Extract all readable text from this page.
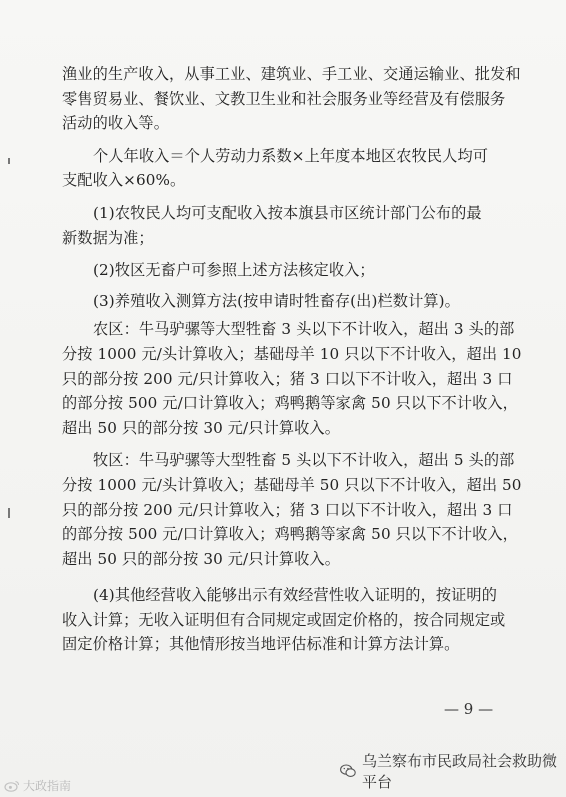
渔业的生产收入，从事工业、建筑业、手工业、交通运输业、批发和
零售贸易业、餐饮业、文教卫生业和社会服务业等经营及有偿服务
活动的收入等。
个人年收入＝个人劳动力系数×上年度本地区农牧民人均可
支配收入×60%。
(1)农牧民人均可支配收入按本旗县市区统计部门公布的最
新数据为准；
(2)牧区无畜户可参照上述方法核定收入；
(3)养殖收入测算方法(按申请时牲畜存(出)栏数计算)。
农区：牛马驴骡等大型牲畜 3 头以下不计收入，超出 3 头的部
分按 1000 元/头计算收入；基础母羊 10 只以下不计收入，超出 10
只的部分按 200 元/只计算收入；猪 3 口以下不计收入，超出 3 口
的部分按 500 元/口计算收入；鸡鸭鹅等家禽 50 只以下不计收入，
超出 50 只的部分按 30 元/只计算收入。
牧区：牛马驴骡等大型牲畜 5 头以下不计收入，超出 5 头的部
分按 1000 元/头计算收入；基础母羊 50 只以下不计收入，超出 50
只的部分按 200 元/只计算收入；猪 3 口以下不计收入，超出 3 口
的部分按 500 元/口计算收入；鸡鸭鹅等家禽 50 只以下不计收入，
超出 50 只的部分按 30 元/只计算收入。
(4)其他经营收入能够出示有效经营性收入证明的，按证明的
收入计算；无收入证明但有合同规定或固定价格的，按合同规定或
固定价格计算；其他情形按当地评估标准和计算方法计算。
— 9 —
乌兰察布市民政局社会救助微平台
大政指南
